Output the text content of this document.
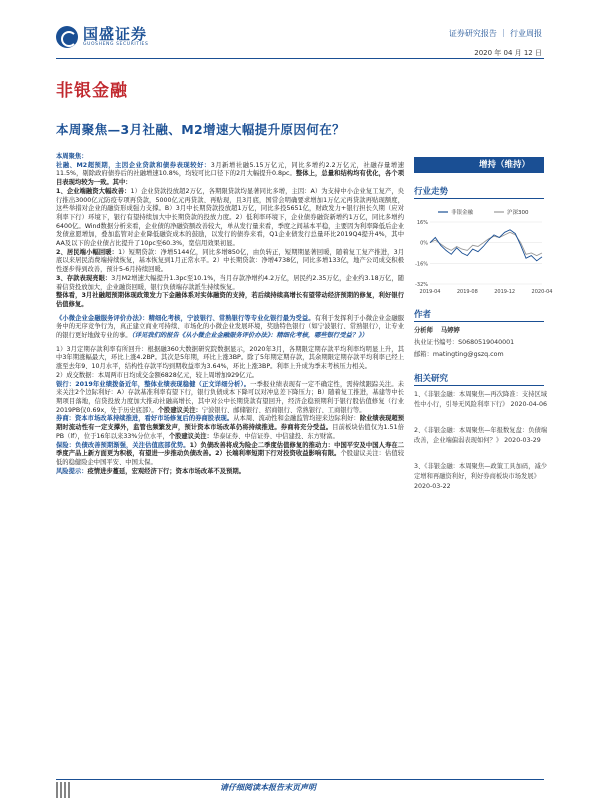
国盛证券
GUOSHENG SECURITIES
证券研究报告 ｜ 行业周报
2020 年 04 月 12 日
非银金融
本周聚焦—3月社融、M2增速大幅提升原因何在？

本周聚焦：

社融、M2超预期，主因企业贷款和债券表现较好：3月新增社融5.15万亿元，同比多增约2.2万亿元，社融存量增速11.5%，剔除政府债券后的社融增速10.8%，均较可比口径下的2月大幅提升0.8pc。整体上，总量和结构均有优化，各个项目表现均较为一致。其中：

1、企业端融资大幅改善：1）企业贷款投放超2万亿，各期限贷款均显著同比多增，主因：A）为支持中小企业复工复产，央行推出3000亿元防疫专项再贷款，5000亿元再贷款、再贴现，且3月底，国常会明确要求增加1万亿元再贷款再贴现额度，这些举措对企业的融资形成强力支撑。B）3月中长期贷款投放超1万亿，同比多投5651亿，财政发力+银行担长久期（应对利率下行）环境下，银行有望持续加大中长期贷款的投放力度。2）低利率环境下，企业债券融资新增约1万亿，同比多增约6400亿。Wind数据分析来看，企业债的净融资额改善较大，单从发行量来看，季度之间基本平稳，主要因为利率降低后企业发债意愿增加，叠加监管对企业降低融资成本的鼓励，以发行的债券来看，Q1企业债发行总量环比2019Q4提升4%，其中AA及以下的企业债占比提升了10pc至60.3%，宽信用效果初显。

2、居民端小幅回暖：1）短期贷款：净增5144亿，同比多增850亿，由负转正，短期期显著回暖，随着复工复产推进，3月底以来居民消费端持续恢复，基本恢复到1月正常水平。2）中长期贷款：净增4738亿，同比多增133亿，地产公司成交积极性逐步得到改善，预计5-6月持续回暖。

3、存款表现亮眼：3月M2增速大幅提升1.3pc至10.1%，当月存款净增约4.2万亿，居民约2.35万亿，企业约3.18万亿，随着信贷投放加大，企业融资回暖，银行负债端存款派生持续恢复。

整体看，3月社融超预期体现政策发力下金融体系对实体融资的支持，若后续持续高增长有望带动经济预期的修复，利好银行估值修复。

《小微企业金融服务评价办法》：精细化考核，宁波银行、常熟银行等专业化银行最为受益。有利于发挥利于小微企业金融服务中的无序竞争行为，真正建立商业可持续、市场化的小微企业发展环境，奖励特色银行（如宁波银行、常熟银行），让专业的银行更好地做专业的事。（详见我们的报告《从小微企业金融服务评价办法》：精细化考核，哪些银行受益？》）

1）3月定期存款利率有所回升：根据融360大数据研究院数据显示，2020年3月，各期限定期存款平均利率均明显上升，其中3年期涨幅最大，环比上涨4.2BP。其次是5年期，环比上涨3BP。除了5年期定期存款，其余期限定期存款平均利率已经上涨至去年9、10月水平，结构性存款平均到期收益率为3.64%，环比上涨3BP。利率上升成为季末考核压力相关。

2）成交数据：本周两市日均成交金额6828亿元，较上周增加929亿元。

银行：2019年业绩拨备近年，整体业绩表现稳健（正文详细分析）。一季报业绩表现有一定不确定性，需持续跟踪关注。未来关注2个边际利好：A）存款基准利率有望下行，银行负债成本下降可以对冲息差下降压力；B）随着复工推进，基建等中长期项目落地，信贷投放力度加大推动社融高增长，其中对公中长期贷款有望回升，经济企稳预期利于银行股估值修复（行业2019PB仅0.69x，处于历史底部）。个股建议关注：宁波银行、邮储银行、招商银行、常熟银行、工商银行等。

券商：资本市场改革持续推进，看好市场修复后的券商股表现。从本周、流动性和金融监管均迎来边际利好：除业绩表现超预期时流动性有一定支撑外，监管也频繁发声，预计资本市场改革仍将持续推进。券商将充分受益。目前板块估值仅为1.51倍PB（lf），位于16年以来33%分位水平，个股建议关注：华泰证券、中信证券、中信建投、东方财富。

保险：负债改善预期渐强，关注估值底部优势。1）负债改善将成为险企二季度估值修复的推动力：中国平安及中国人寿在二季度产品上新方面更为积极，有望进一步推动负债改善。2）长端利率短期下行对投资收益影响有限。个股建议关注：估值较低的稳健险企中国平安、中国太保。

风险提示：疫情进步蔓延，宏观经济下行；资本市场改革不及预期。

增持（维持）
行业走势
非银金融	沪深300
2019-04	2019-08	2019-12	2020-04
16%
0%
-16%
-32%
作者
分析师 马婷婷
执业证书编号：S0680519040001
邮箱：matingting@gszq.com
相关研究
1、《非银金融：本周聚焦—再次降准：支持区域性中小行，引导无风险利率下行》 2020-04-06
2、《非银金融：本周聚焦—年报数复盘：负债端改善，企业端偏弱表现如何？》 2020-03-29
3、《非银金融：本周聚焦—政策工具加码，减少定增和再融资利好，利好券商板块市场发展》 2020-03-22
请仔细阅读本报告末页声明
